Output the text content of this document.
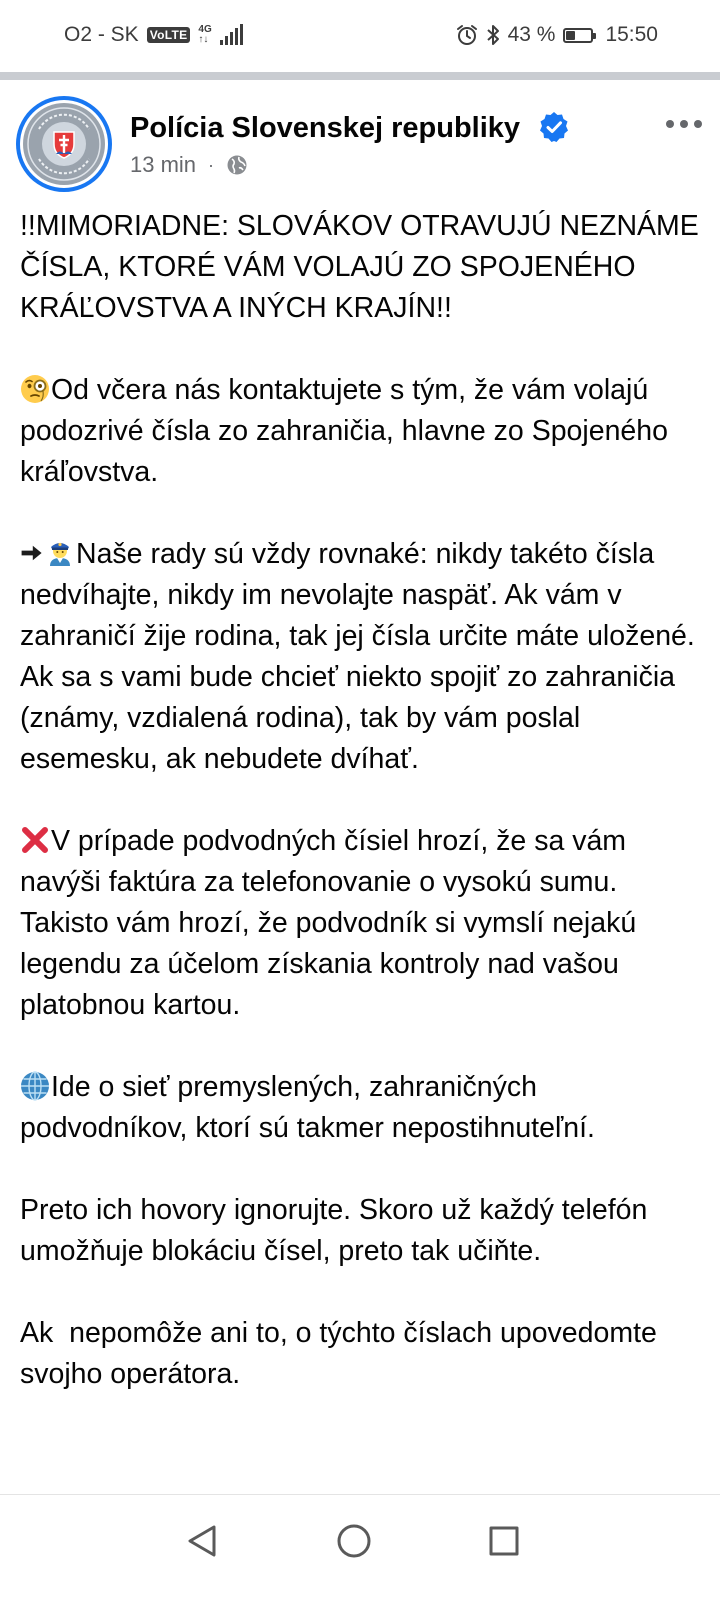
O2 - SK VoLTE	4G
↑↓	43 % 15:50
Polícia Slovenskej republiky
13 min ·

!!MIMORIADNE: SLOVÁKOV OTRAVUJÚ NEZNÁME ČÍSLA, KTORÉ VÁM VOLAJÚ ZO SPOJENÉHO KRÁĽOVSTVA A INÝCH KRAJÍN!!

Od včera nás kontaktujete s tým, že vám volajú podozrivé čísla zo zahraničia, hlavne zo Spojeného kráľovstva.

Naše rady sú vždy rovnaké: nikdy takéto čísla nedvíhajte, nikdy im nevolajte naspäť. Ak vám v zahraničí žije rodina, tak jej čísla určite máte uložené. Ak sa s vami bude chcieť niekto spojiť zo zahraničia (známy, vzdialená rodina), tak by vám poslal esemesku, ak nebudete dvíhať.

V prípade podvodných čísiel hrozí, že sa vám navýši faktúra za telefonovanie o vysokú sumu. Takisto vám hrozí, že podvodník si vymslí nejakú legendu za účelom získania kontroly nad vašou platobnou kartou.

Ide o sieť premyslených, zahraničných podvodníkov, ktorí sú takmer nepostihnuteľní.

Preto ich hovory ignorujte. Skoro už každý telefón umožňuje blokáciu čísel, preto tak učiňte.

Ak  nepomôže ani to, o týchto číslach upovedomte svojho operátora.
